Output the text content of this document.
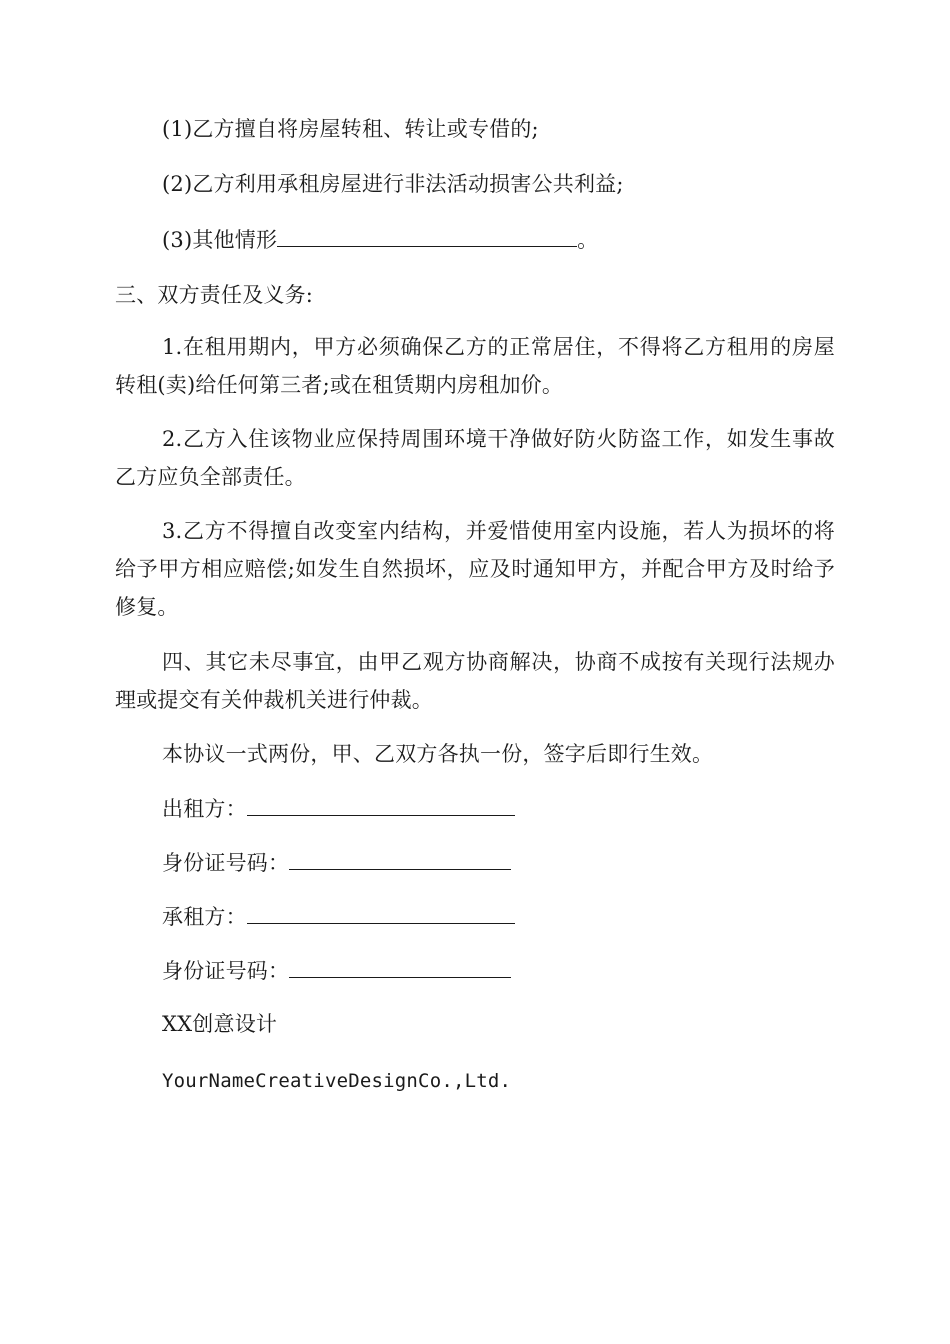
(1)乙方擅自将房屋转租、转让或专借的;
(2)乙方利用承租房屋进行非法活动损害公共利益;
(3)其他情形	。
三、双方责任及义务:
1.在租用期内，甲方必须确保乙方的正常居住，不得将乙方租用的房屋转租(卖)给任何第三者;或在租赁期内房租加价。
2.乙方入住该物业应保持周围环境干净做好防火防盗工作，如发生事故乙方应负全部责任。
3.乙方不得擅自改变室内结构，并爱惜使用室内设施，若人为损坏的将给予甲方相应赔偿;如发生自然损坏，应及时通知甲方，并配合甲方及时给予修复。
四、其它未尽事宜，由甲乙观方协商解决，协商不成按有关现行法规办理或提交有关仲裁机关进行仲裁。
本协议一式两份，甲、乙双方各执一份，签字后即行生效。
出租方：
身份证号码：
承租方：
身份证号码：
XX创意设计
YourNameCreativeDesignCo.,Ltd.
